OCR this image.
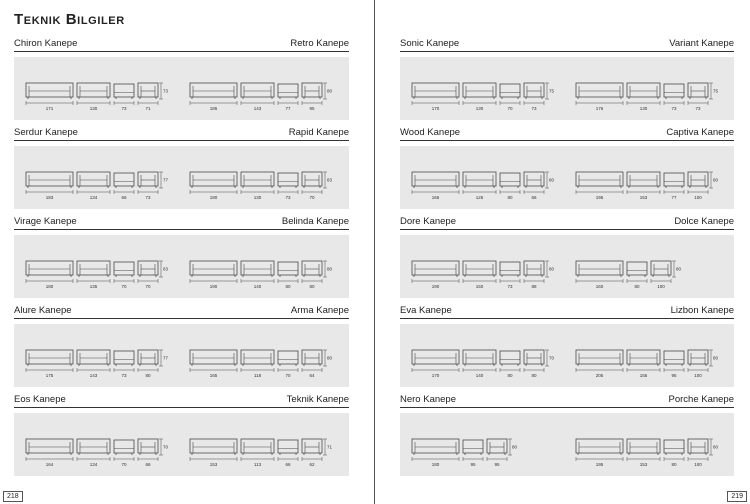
Teknik Bilgiler
Chiron Kanepe	Retro Kanepe
171	130	73	71
73
186	143	77	95
80
Serdur Kanepe	Rapid Kanepe
183	134	66	73
77
180	130	73	70
83
Virage Kanepe	Belinda Kanepe
180	135	70	70
83
190	140	80	80
80
Alure Kanepe	Arma Kanepe
175	143	73	80
77
165	118	70	64
80
Eos Kanepe	Teknik Kanepe
164	134	70	66
70
153	113	66	62
71
218
Sonic Kanepe	Variant Kanepe
170	130	70	73
75
176	130	73	73
75
Wood Kanepe	Captiva Kanepe
166	126	80	66
80
195	153	77	100
80
Dore Kanepe	Dolce Kanepe
190	150	73	88
80
160	80	100
80
Eva Kanepe	Lizbon Kanepe
170	140	80	80
70
205	155	95	100
80
Nero Kanepe	Porche Kanepe
180	95	95
80
195	153	80	100
80
219
